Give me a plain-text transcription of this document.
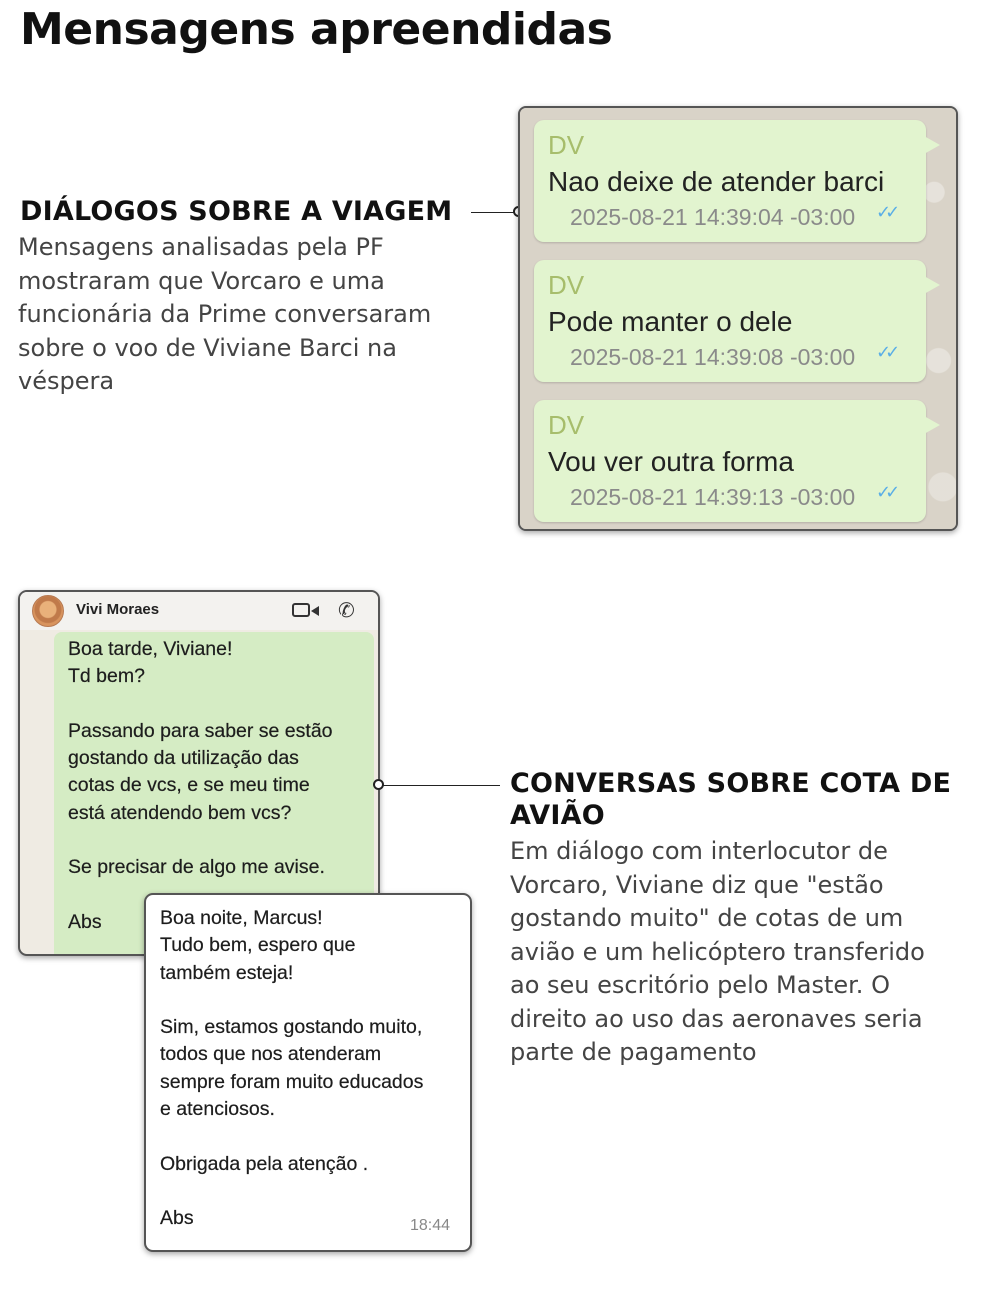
Mensagens apreendidas
DIÁLOGOS SOBRE A VIAGEM
Mensagens analisadas pela PF
mostraram que Vorcaro e uma
funcionária da Prime conversaram
sobre o voo de Viviane Barci na
véspera
DV
Nao deixe de atender barci
2025-08-21 14:39:04 -03:00 ✓✓
DV
Pode manter o dele
2025-08-21 14:39:08 -03:00 ✓✓
DV
Vou ver outra forma
2025-08-21 14:39:13 -03:00 ✓✓
Vivi Moraes	✆
Boa tarde, Viviane!
Td bem?
Passando para saber se estão
gostando da utilização das
cotas de vcs, e se meu time
está atendendo bem vcs?
Se precisar de algo me avise.
Abs	Boa noite, Marcus!
Tudo bem, espero que
também esteja!
Sim, estamos gostando muito,
todos que nos atenderam
sempre foram muito educados
e atenciosos.
Obrigada pela atenção .
Abs	18:44
CONVERSAS SOBRE COTA DE
AVIÃO
Em diálogo com interlocutor de
Vorcaro, Viviane diz que "estão
gostando muito" de cotas de um
avião e um helicóptero transferido
ao seu escritório pelo Master. O
direito ao uso das aeronaves seria
parte de pagamento
